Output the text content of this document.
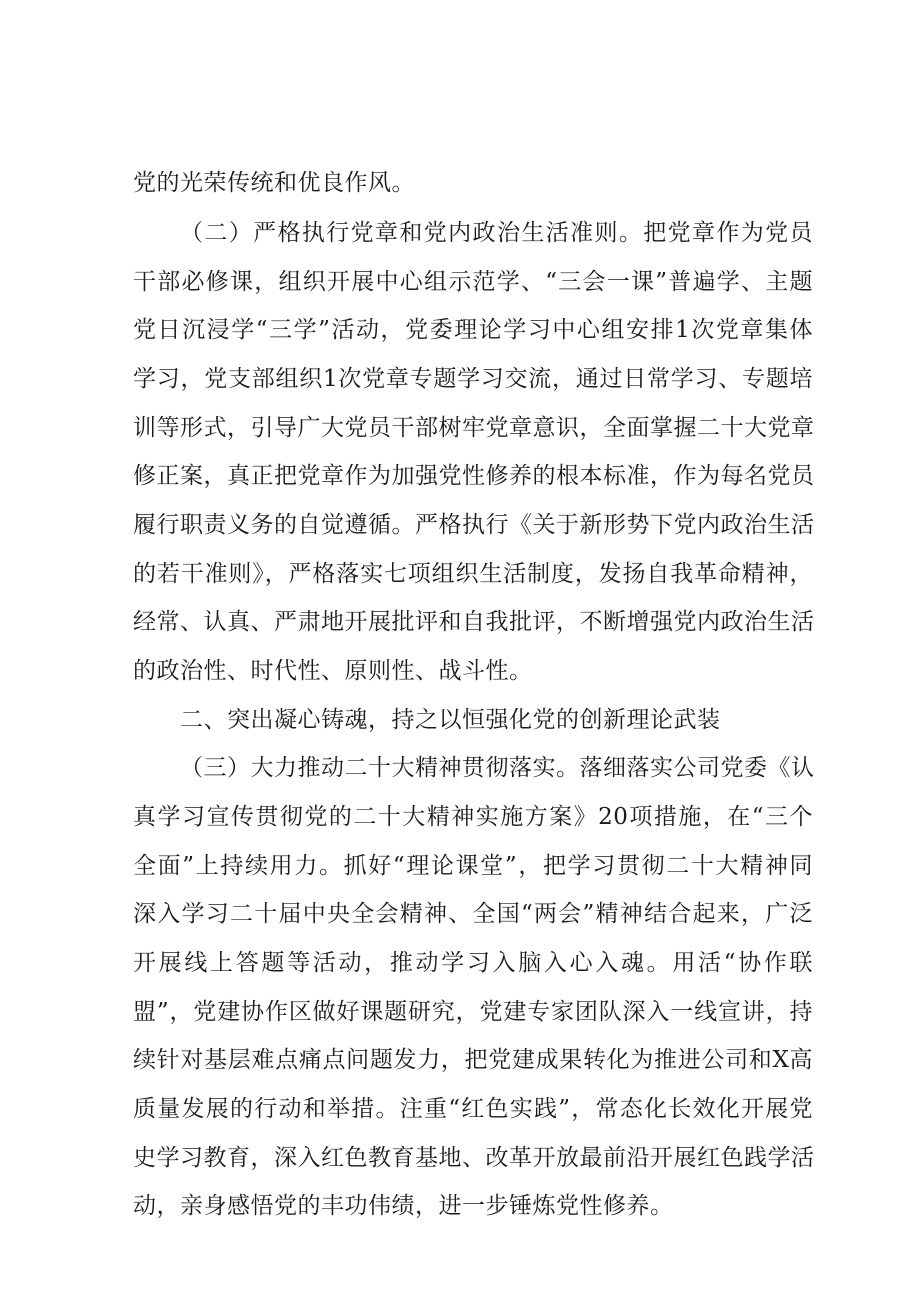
党的光荣传统和优良作风。
（二）严格执行党章和党内政治生活准则。把党章作为党员
干部必修课，组织开展中心组示范学、“三会一课”普遍学、主题
党日沉浸学“三学”活动，党委理论学习中心组安排1次党章集体
学习，党支部组织1次党章专题学习交流，通过日常学习、专题培
训等形式，引导广大党员干部树牢党章意识，全面掌握二十大党章
修正案，真正把党章作为加强党性修养的根本标准，作为每名党员
履行职责义务的自觉遵循。严格执行《关于新形势下党内政治生活
的若干准则》，严格落实七项组织生活制度，发扬自我革命精神，
经常、认真、严肃地开展批评和自我批评，不断增强党内政治生活
的政治性、时代性、原则性、战斗性。
二、突出凝心铸魂，持之以恒强化党的创新理论武装
（三）大力推动二十大精神贯彻落实。落细落实公司党委《认
真学习宣传贯彻党的二十大精神实施方案》20项措施，在“三个
全面”上持续用力。抓好“理论课堂”，把学习贯彻二十大精神同
深入学习二十届中央全会精神、全国“两会”精神结合起来，广泛
开展线上答题等活动，推动学习入脑入心入魂。用活“协作联
盟”，党建协作区做好课题研究，党建专家团队深入一线宣讲，持
续针对基层难点痛点问题发力，把党建成果转化为推进公司和X高
质量发展的行动和举措。注重“红色实践”，常态化长效化开展党
史学习教育，深入红色教育基地、改革开放最前沿开展红色践学活
动，亲身感悟党的丰功伟绩，进一步锤炼党性修养。
